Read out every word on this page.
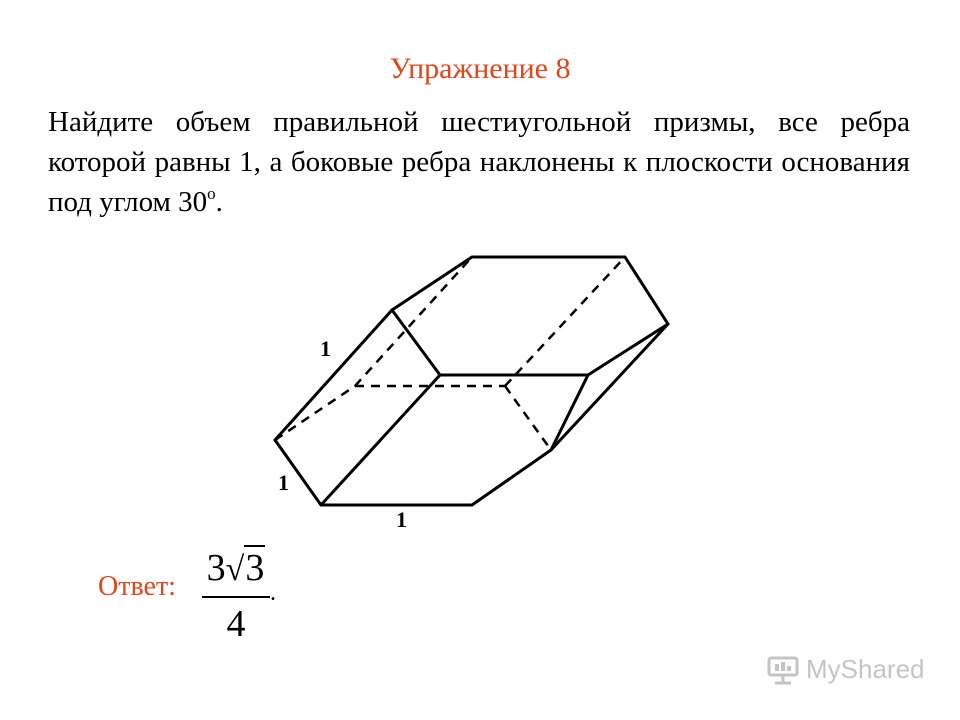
Упражнение 8
Найдите объем правильной шестиугольной призмы, все ребра которой равны 1, а боковые ребра наклонены к плоскости основания под углом $30^о$.
1
1
1
Ответ: 3√3
4
.
MyShared
